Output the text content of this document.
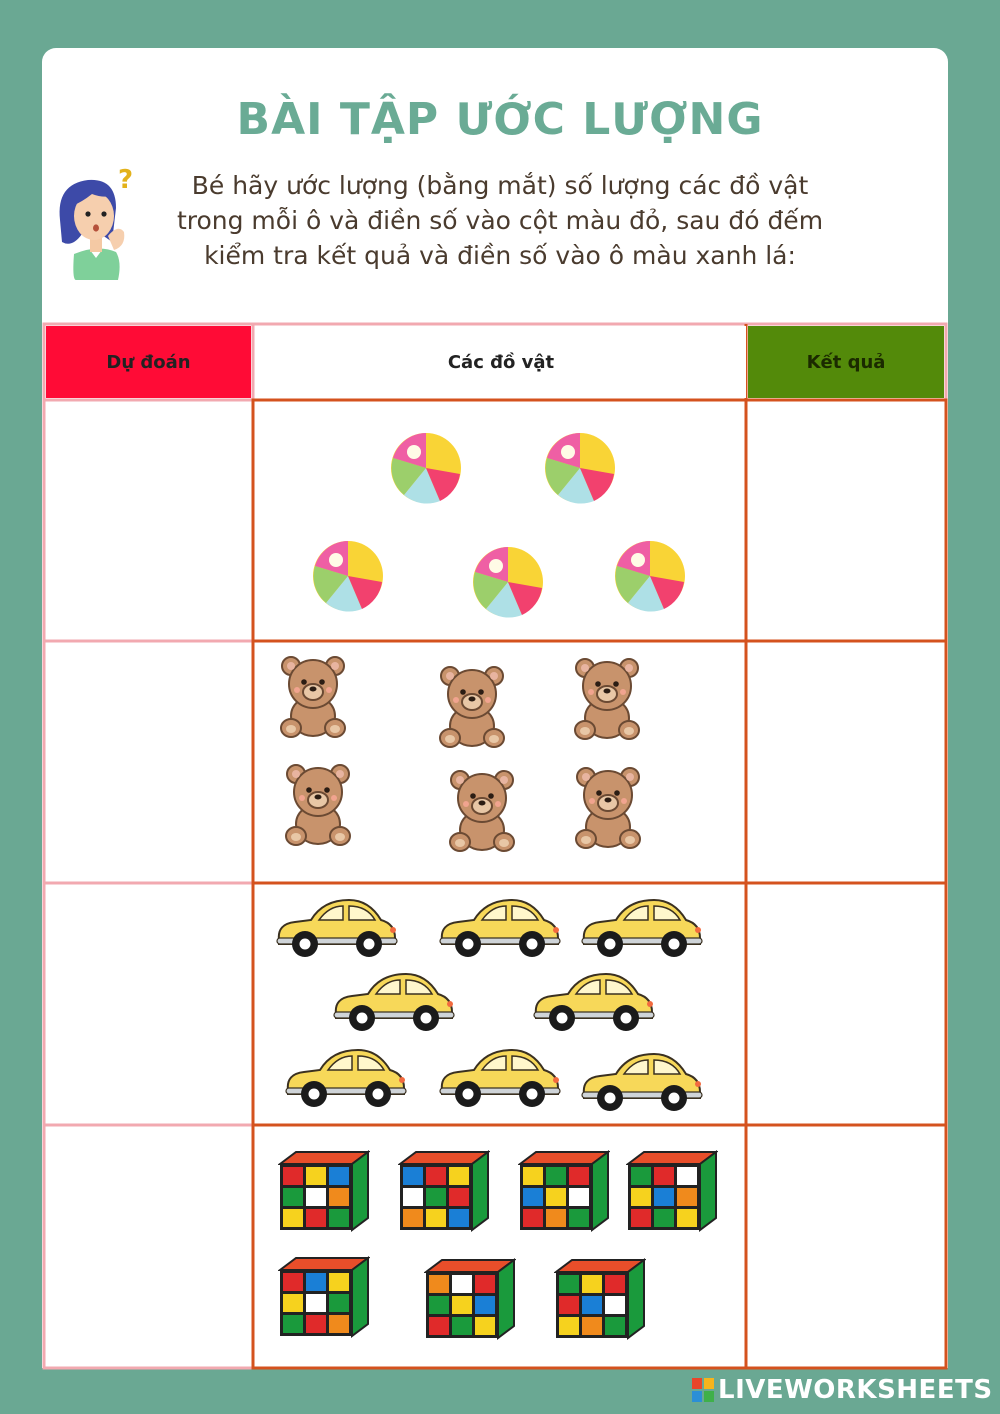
BÀI TẬP ƯỚC LƯỢNG
?	Bé hãy ước lượng (bằng mắt) số lượng các đồ vật
trong mỗi ô và điền số vào cột màu đỏ, sau đó đếm
kiểm tra kết quả và điền số vào ô màu xanh lá:
Dự đoán	Các đồ vật	Kết quả
LIVEWORKSHEETS
